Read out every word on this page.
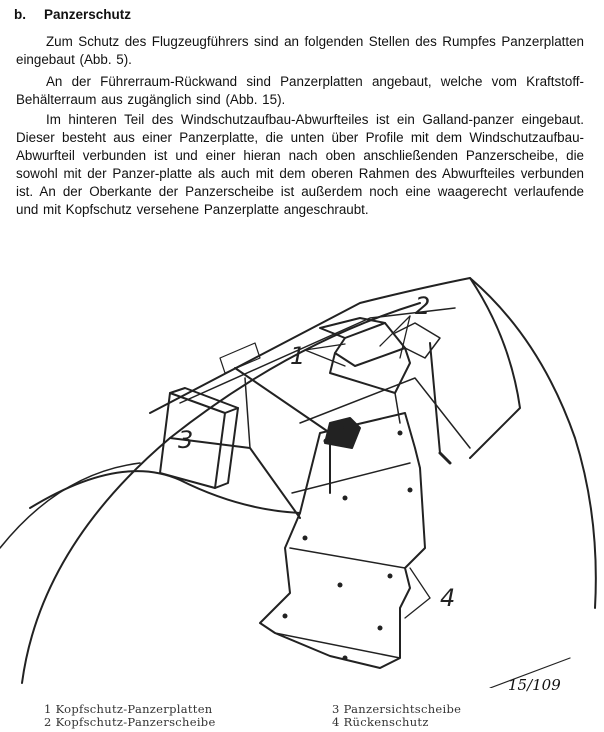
b. Panzerschutz
Zum Schutz des Flugzeugführers sind an folgenden Stellen des Rumpfes Panzerplatten eingebaut (Abb. 5).
An der Führerraum-Rückwand sind Panzerplatten angebaut, welche vom Kraftstoff-Behälterraum aus zugänglich sind (Abb. 15).
Im hinteren Teil des Windschutzaufbau-Abwurfteiles ist ein Galland-panzer eingebaut. Dieser besteht aus einer Panzerplatte, die unten über Profile mit dem Windschutzaufbau-Abwurfteil verbunden ist und einer hieran nach oben anschließenden Panzerscheibe, die sowohl mit der Panzer-platte als auch mit dem oberen Rahmen des Abwurfteiles verbunden ist. An der Oberkante der Panzerscheibe ist außerdem noch eine waagerecht verlaufende und mit Kopfschutz versehene Panzerplatte angeschraubt.
1
2
3
4
15/109
1 Kopfschutz-Panzerplatten
2 Kopfschutz-Panzerscheibe
3 Panzersichtscheibe
4 Rückenschutz
